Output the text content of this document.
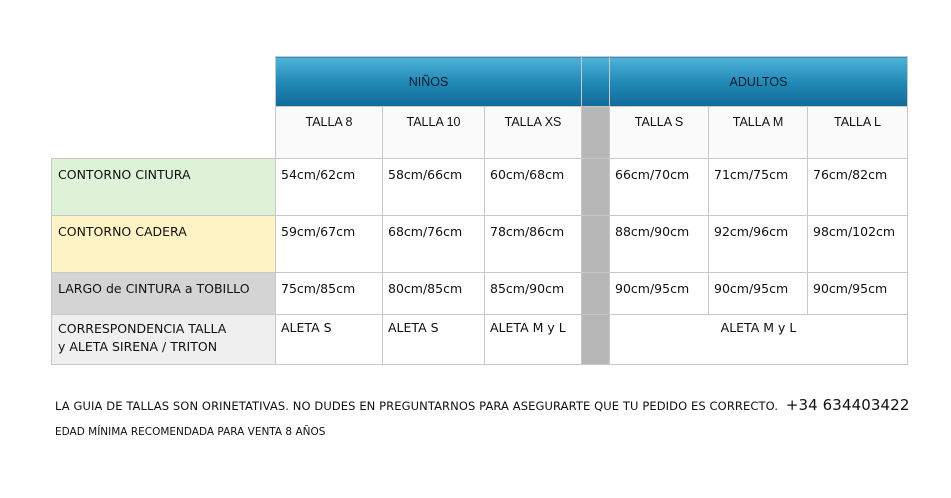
	NIÑOS				ADULTOS		
	TALLA 8	TALLA 10	TALLA XS		TALLA S	TALLA M	TALLA L
CONTORNO CINTURA	54cm/62cm	58cm/66cm	60cm/68cm		66cm/70cm	71cm/75cm	76cm/82cm
CONTORNO CADERA	59cm/67cm	68cm/76cm	78cm/86cm		88cm/90cm	92cm/96cm	98cm/102cm
LARGO de CINTURA a TOBILLO	75cm/85cm	80cm/85cm	85cm/90cm		90cm/95cm	90cm/95cm	90cm/95cm
CORRESPONDENCIA TALLA
y ALETA SIRENA / TRITON	ALETA S	ALETA S	ALETA M y L		ALETA M y L		
LA GUIA DE TALLAS SON ORINETATIVAS. NO DUDES EN PREGUNTARNOS PARA ASEGURARTE QUE TU PEDIDO ES CORRECTO. +34 634403422
EDAD MÍNIMA RECOMENDADA PARA VENTA 8 AÑOS
